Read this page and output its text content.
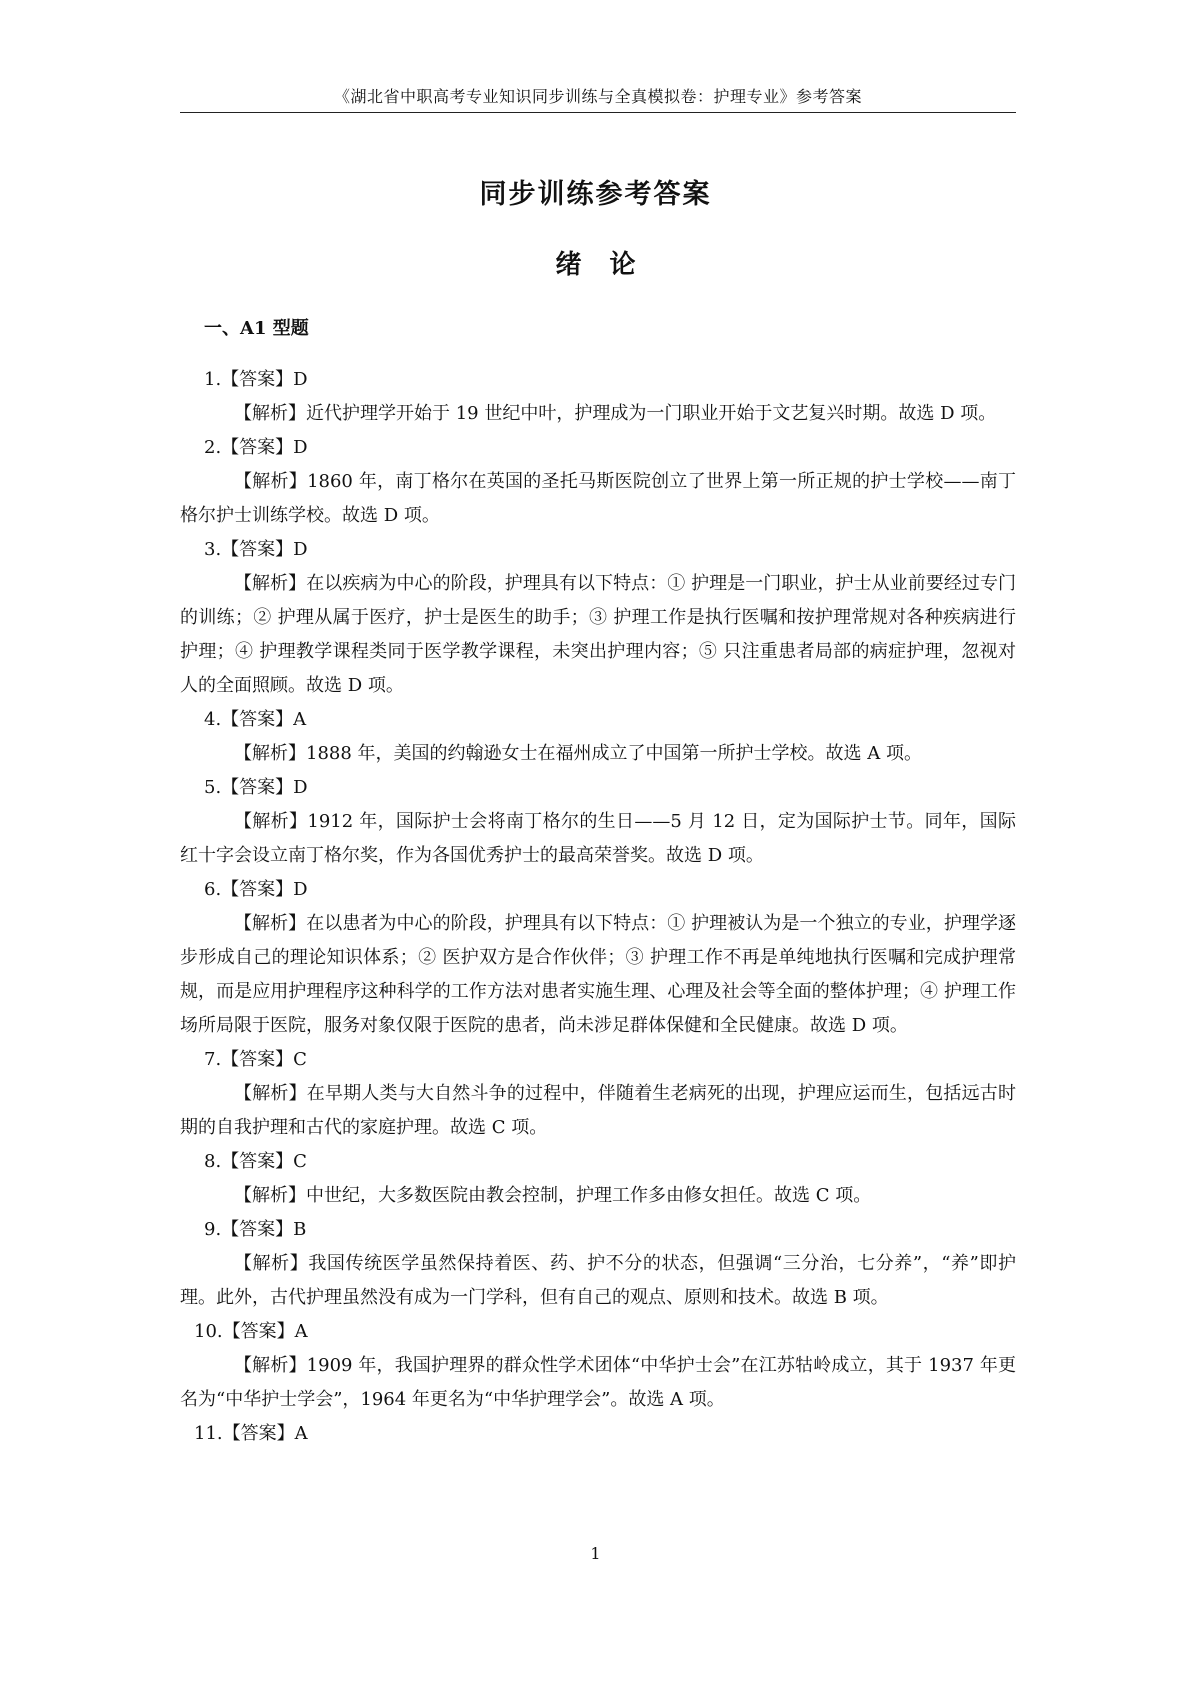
《湖北省中职高考专业知识同步训练与全真模拟卷：护理专业》参考答案
同步训练参考答案
绪论
一、A1 型题
1.【答案】D

【解析】近代护理学开始于 19 世纪中叶，护理成为一门职业开始于文艺复兴时期。故选 D 项。

2.【答案】D

【解析】1860 年，南丁格尔在英国的圣托马斯医院创立了世界上第一所正规的护士学校——南丁格尔护士训练学校。故选 D 项。

3.【答案】D

【解析】在以疾病为中心的阶段，护理具有以下特点：① 护理是一门职业，护士从业前要经过专门的训练；② 护理从属于医疗，护士是医生的助手；③ 护理工作是执行医嘱和按护理常规对各种疾病进行护理；④ 护理教学课程类同于医学教学课程，未突出护理内容；⑤ 只注重患者局部的病症护理，忽视对人的全面照顾。故选 D 项。

4.【答案】A

【解析】1888 年，美国的约翰逊女士在福州成立了中国第一所护士学校。故选 A 项。

5.【答案】D

【解析】1912 年，国际护士会将南丁格尔的生日——5 月 12 日，定为国际护士节。同年，国际红十字会设立南丁格尔奖，作为各国优秀护士的最高荣誉奖。故选 D 项。

6.【答案】D

【解析】在以患者为中心的阶段，护理具有以下特点：① 护理被认为是一个独立的专业，护理学逐步形成自己的理论知识体系；② 医护双方是合作伙伴；③ 护理工作不再是单纯地执行医嘱和完成护理常规，而是应用护理程序这种科学的工作方法对患者实施生理、心理及社会等全面的整体护理；④ 护理工作场所局限于医院，服务对象仅限于医院的患者，尚未涉足群体保健和全民健康。故选 D 项。

7.【答案】C

【解析】在早期人类与大自然斗争的过程中，伴随着生老病死的出现，护理应运而生，包括远古时期的自我护理和古代的家庭护理。故选 C 项。

8.【答案】C

【解析】中世纪，大多数医院由教会控制，护理工作多由修女担任。故选 C 项。

9.【答案】B

【解析】我国传统医学虽然保持着医、药、护不分的状态，但强调“三分治，七分养”，“养”即护理。此外，古代护理虽然没有成为一门学科，但有自己的观点、原则和技术。故选 B 项。

10.【答案】A

【解析】1909 年，我国护理界的群众性学术团体“中华护士会”在江苏牯岭成立，其于 1937 年更名为“中华护士学会”，1964 年更名为“中华护理学会”。故选 A 项。

11.【答案】A
1
